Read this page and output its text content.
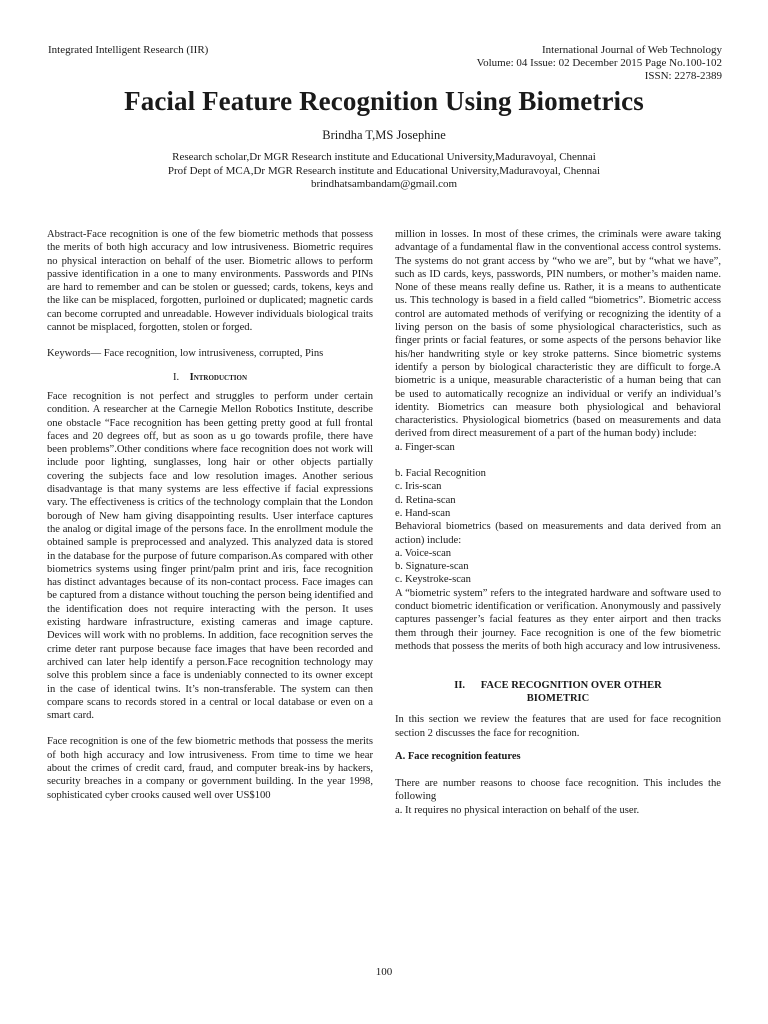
Integrated Intelligent Research (IIR)	International Journal of Web Technology
Volume: 04 Issue: 02 December 2015 Page No.100-102
ISSN: 2278-2389
Facial Feature Recognition Using Biometrics
Brindha T,MS Josephine
Research scholar,Dr MGR Research institute and Educational University,Maduravoyal, Chennai
Prof Dept of MCA,Dr MGR Research institute and Educational University,Maduravoyal, Chennai
brindhatsambandam@gmail.com

Abstract-Face recognition is one of the few biometric methods that possess the merits of both high accuracy and low intrusiveness. Biometric requires no physical interaction on behalf of the user. Biometric allows to perform passive identification in a one to many environments. Passwords and PINs are hard to remember and can be stolen or guessed; cards, tokens, keys and the like can be misplaced, forgotten, purloined or duplicated; magnetic cards can become corrupted and unreadable. However individuals biological traits cannot be misplaced, forgotten, stolen or forged.

Keywords— Face recognition, low intrusiveness, corrupted, Pins

I. Introduction

Face recognition is not perfect and struggles to perform under certain condition. A researcher at the Carnegie Mellon Robotics Institute, describe one obstacle “Face recognition has been getting pretty good at full frontal faces and 20 degrees off, but as soon as u go towards profile, there have been problems”.Other conditions where face recognition does not work will include poor lighting, sunglasses, long hair or other objects partially covering the subjects face and low resolution images. Another serious disadvantage is that many systems are less effective if facial expressions vary. The effectiveness is critics of the technology complain that the London borough of New ham giving disappointing results. User interface captures the analog or digital image of the persons face. In the enrollment module the obtained sample is preprocessed and analyzed. This analyzed data is stored in the database for the purpose of future comparison.As compared with other biometrics systems using finger print/palm print and iris, face recognition has distinct advantages because of its non-contact process. Face images can be captured from a distance without touching the person being identified and the identification does not require interacting with the person. It uses existing hardware infrastructure, existing cameras and image capture. Devices will work with no problems. In addition, face recognition serves the crime deter rant purpose because face images that have been recorded and archived can later help identify a person.Face recognition technology may solve this problem since a face is undeniably connected to its owner except in the case of identical twins. It’s non-transferable. The system can then compare scans to records stored in a central or local database or even on a smart card.

Face recognition is one of the few biometric methods that possess the merits of both high accuracy and low intrusiveness. From time to time we hear about the crimes of credit card, fraud, and computer break-ins by hackers, security breaches in a company or government building. In the year 1998, sophisticated cyber crooks caused well over US$100

million in losses. In most of these crimes, the criminals were aware taking advantage of a fundamental flaw in the conventional access control systems. The systems do not grant access by “who we are”, but by “what we have”, such as ID cards, keys, passwords, PIN numbers, or mother’s maiden name. None of these means really define us. Rather, it is a means to authenticate us. This technology is based in a field called “biometrics”. Biometric access control are automated methods of verifying or recognizing the identity of a living person on the basis of some physiological characteristics, such as finger prints or facial features, or some aspects of the persons behavior like his/her handwriting style or key stroke patterns. Since biometric systems identify a person by biological characteristic they are difficult to forge.A biometric is a unique, measurable characteristic of a human being that can be used to automatically recognize an individual or verify an individual’s identity. Biometrics can measure both physiological and behavioral characteristics. Physiological biometrics (based on measurements and data derived from direct measurement of a part of the human body) include:

a. Finger-scan

b. Facial Recognition

c. Iris-scan

d. Retina-scan

e. Hand-scan

Behavioral biometrics (based on measurements and data derived from an action) include:

a. Voice-scan

b. Signature-scan

c. Keystroke-scan

A “biometric system” refers to the integrated hardware and software used to conduct biometric identification or verification. Anonymously and passively captures passenger’s facial features as they enter airport and then tracks them through their journey. Face recognition is one of the few biometric methods that possess the merits of both high accuracy and low intrusiveness.

II. FACE RECOGNITION OVER OTHER
BIOMETRIC

In this section we review the features that are used for face recognition section 2 discusses the face for recognition.

A. Face recognition features

There are number reasons to choose face recognition. This includes the following

a. It requires no physical interaction on behalf of the user.

100
